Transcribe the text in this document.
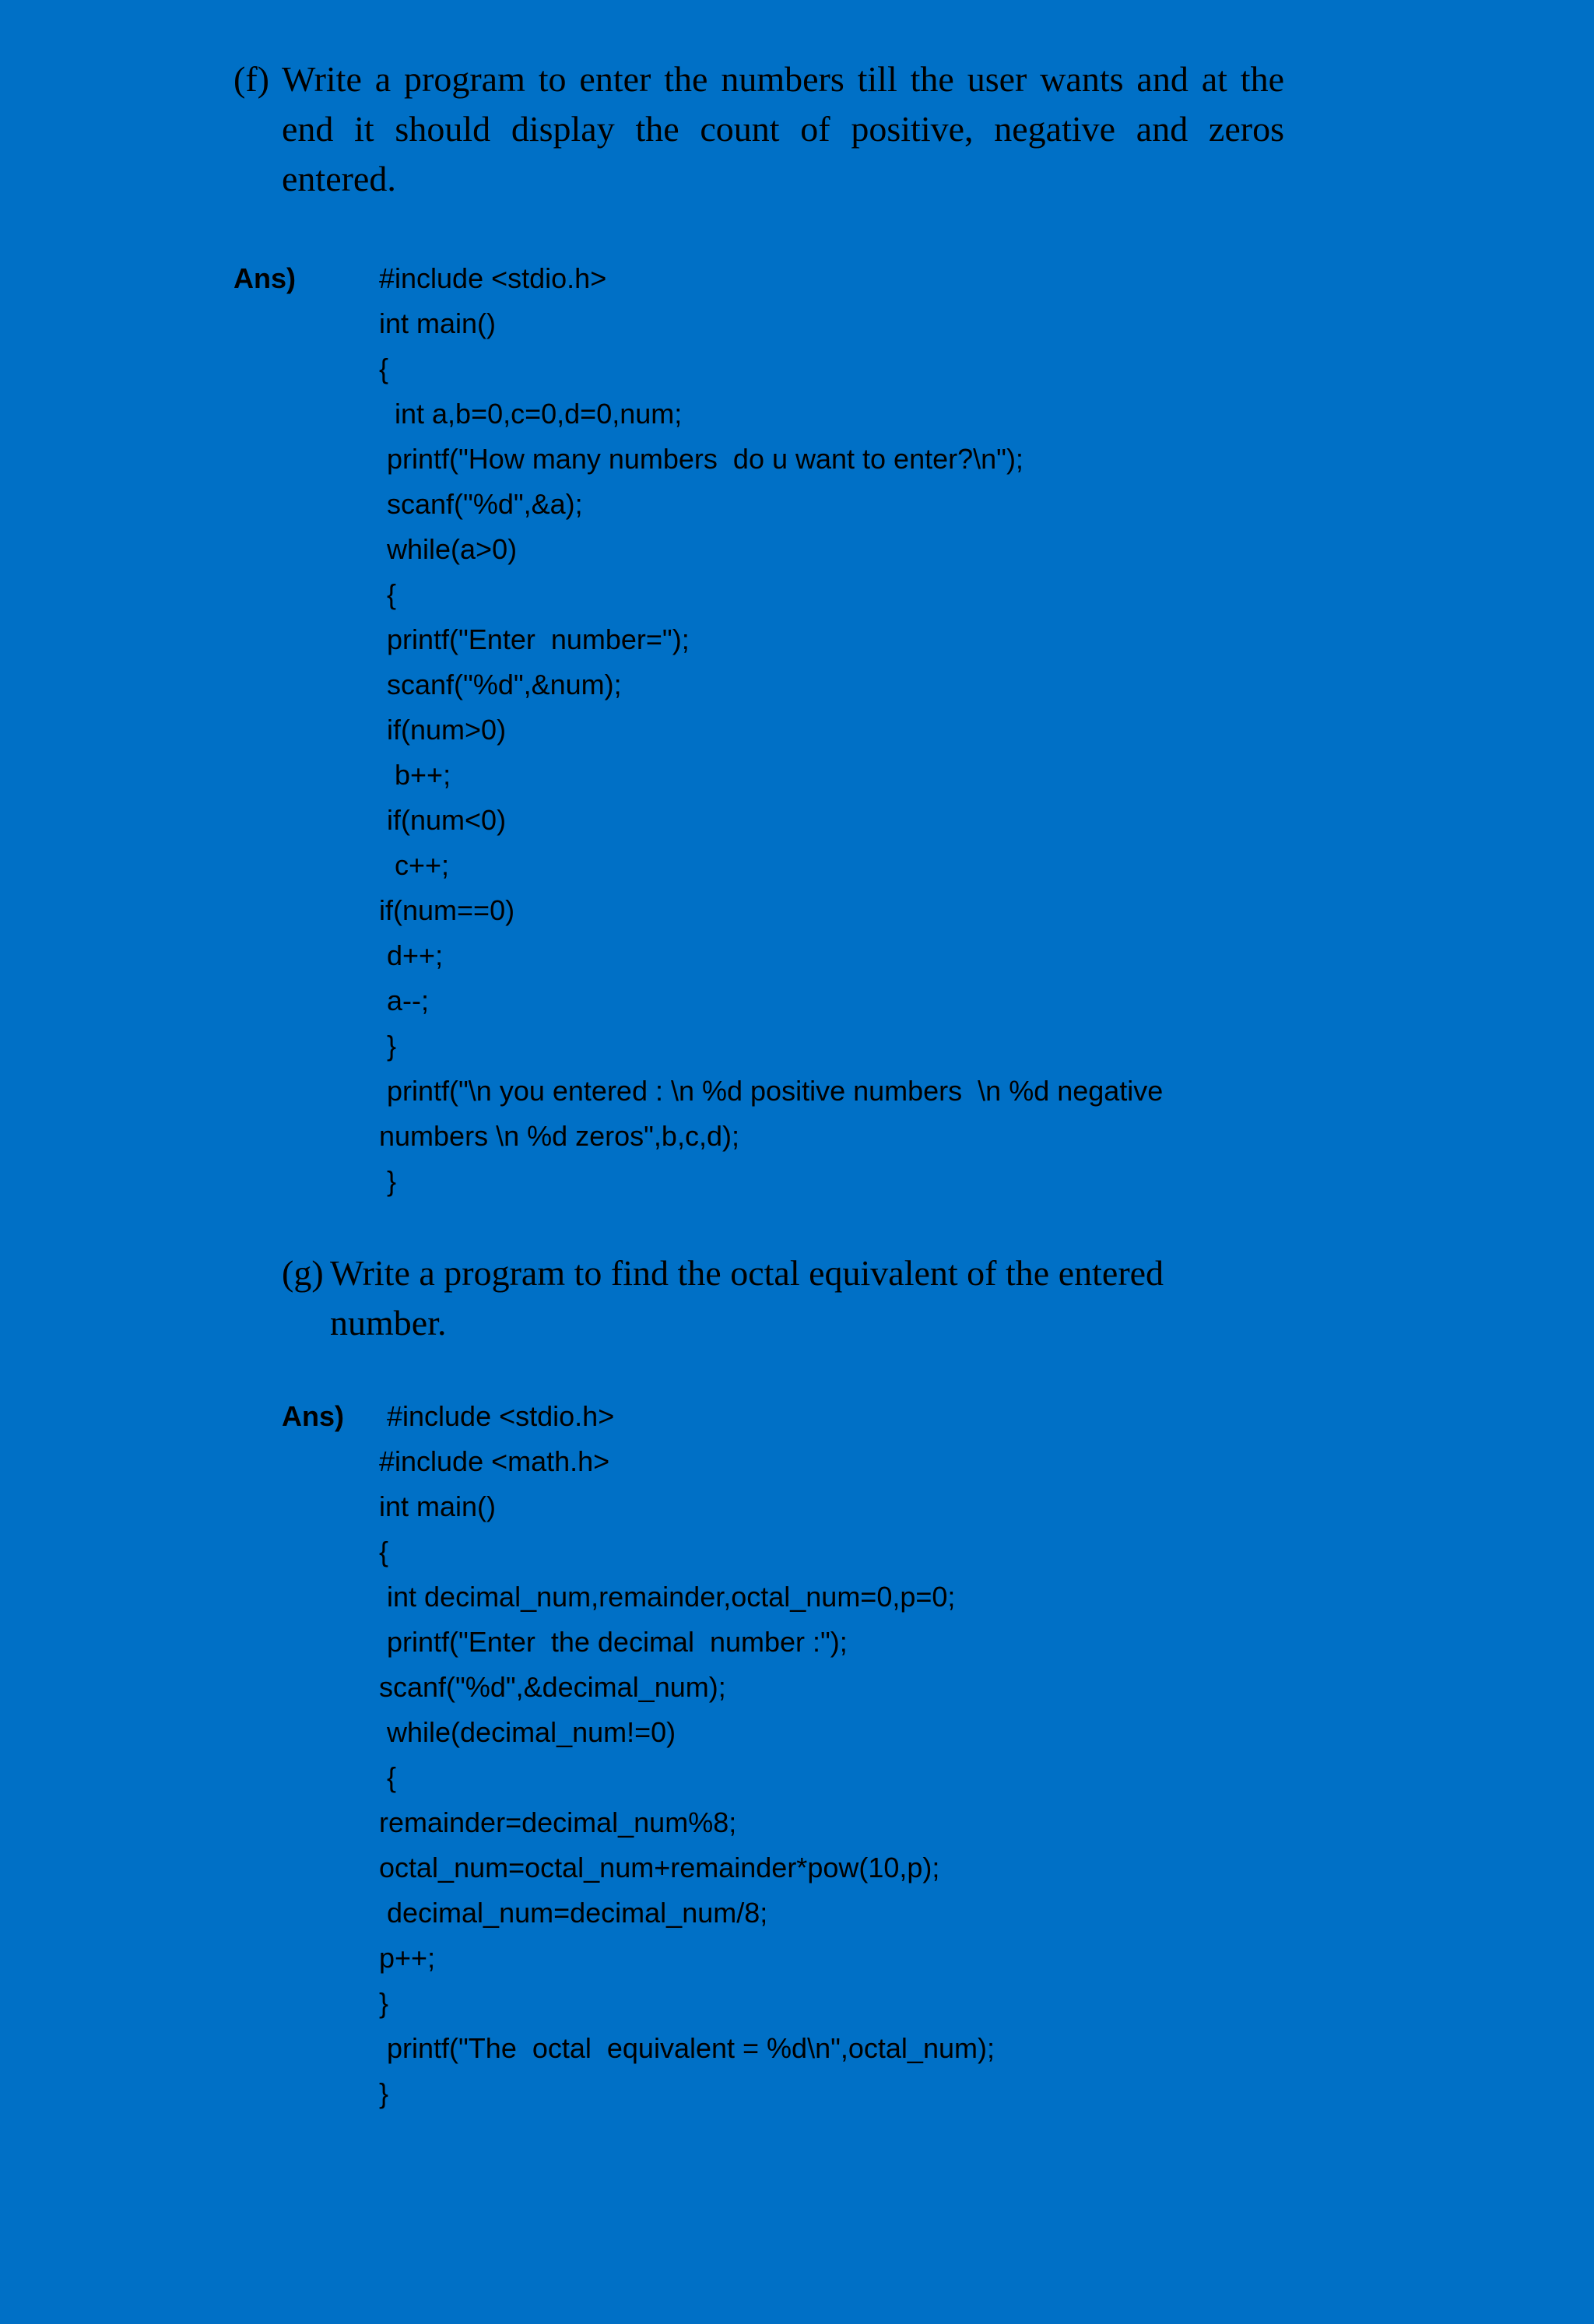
(f) Write a program to enter the numbers till the user wants and at the end it should display the count of positive, negative and zeros entered.
Ans)	#include <stdio.h>
int main()
{
int a,b=0,c=0,d=0,num;
printf("How many numbers  do u want to enter?\n");
scanf("%d",&a);
while(a>0)
{
printf("Enter  number=");
scanf("%d",&num);
if(num>0)
b++;
if(num<0)
c++;
if(num==0)
d++;
a--;
}
printf("\n you entered : \n %d positive numbers  \n %d negative
numbers \n %d zeros",b,c,d);
}
(g) Write a program to find the octal equivalent of the entered number.
Ans) #include <stdio.h>
#include <math.h>
int main()
{
int decimal_num,remainder,octal_num=0,p=0;
printf("Enter  the decimal  number :");
scanf("%d",&decimal_num);
while(decimal_num!=0)
{
remainder=decimal_num%8;
octal_num=octal_num+remainder*pow(10,p);
decimal_num=decimal_num/8;
p++;
}
printf("The  octal  equivalent = %d\n",octal_num);
}
